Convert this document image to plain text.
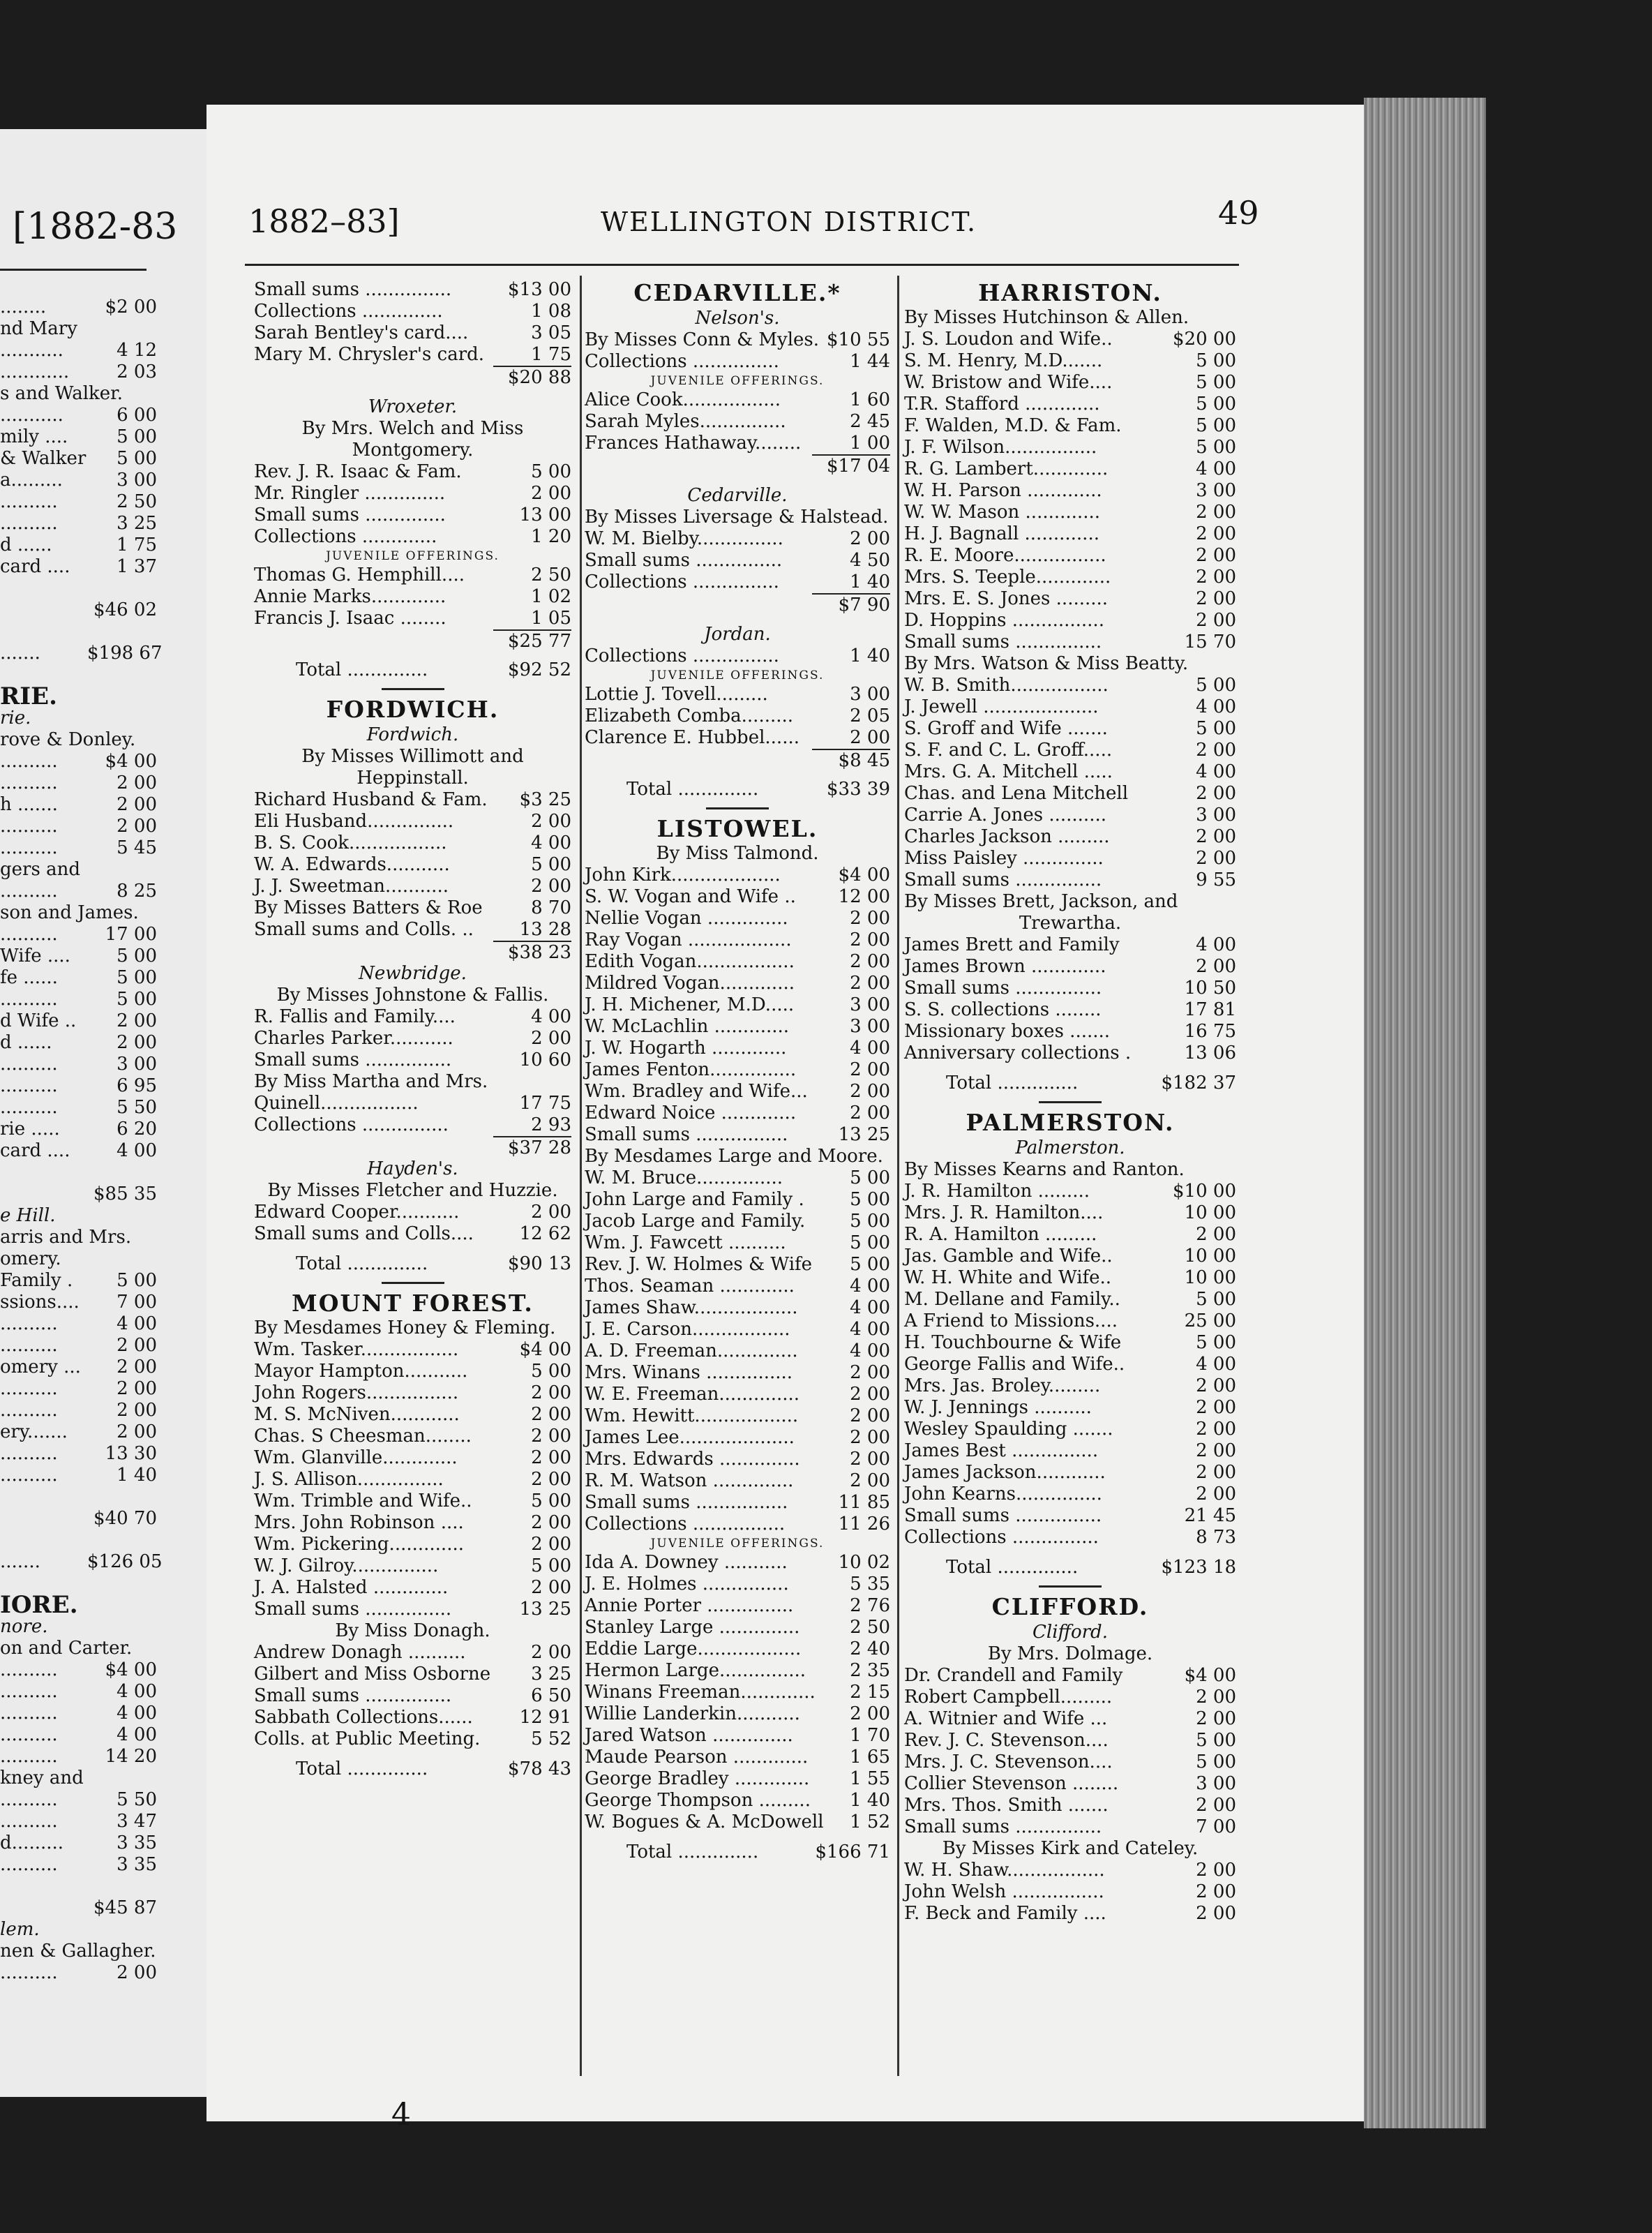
[1882-83
........	$2 00
nd Mary
...........	4 12
............	2 03
s and Walker.
...........	6 00
mily ....	5 00
& Walker	5 00
a.........	3 00
..........	2 50
..........	3 25
d ......	1 75
card ....	1 37
$46 02
.......	$198 67
RIE.
rie.
rove & Donley.
..........	$4 00
..........	2 00
h .......	2 00
..........	2 00
..........	5 45
gers and
..........	8 25
son and James.
..........	17 00
Wife ....	5 00
fe ......	5 00
..........	5 00
d Wife ..	2 00
d ......	2 00
..........	3 00
..........	6 95
..........	5 50
rie .....	6 20
card ....	4 00
$85 35
e Hill.
arris and Mrs.
omery.
Family .	5 00
ssions....	7 00
..........	4 00
..........	2 00
omery ...	2 00
..........	2 00
..........	2 00
ery.......	2 00
..........	13 30
..........	1 40
$40 70
.......	$126 05
IORE.
nore.
on and Carter.
..........	$4 00
..........	4 00
..........	4 00
..........	4 00
..........	14 20
kney and
..........	5 50
..........	3 47
d.........	3 35
..........	3 35
$45 87
lem.
nen & Gallagher.
..........	2 00
1882–83]	WELLINGTON DISTRICT.	49
Small sums ...............	$13 00
Collections ..............	1 08
Sarah Bentley's card....	3 05
Mary M. Chrysler's card.	1 75
$20 88
Wroxeter.
By Mrs. Welch and Miss
Montgomery.
Rev. J. R. Isaac & Fam.	5 00
Mr. Ringler ..............	2 00
Small sums ..............	13 00
Collections .............	1 20
JUVENILE OFFERINGS.
Thomas G. Hemphill....	2 50
Annie Marks.............	1 02
Francis J. Isaac ........	1 05
$25 77
Total ..............	$92 52
FORDWICH.
Fordwich.
By Misses Willimott and
Heppinstall.
Richard Husband & Fam.	$3 25
Eli Husband...............	2 00
B. S. Cook.................	4 00
W. A. Edwards...........	5 00
J. J. Sweetman...........	2 00
By Misses Batters & Roe	8 70
Small sums and Colls. ..	13 28
$38 23
Newbridge.
By Misses Johnstone & Fallis.
R. Fallis and Family....	4 00
Charles Parker...........	2 00
Small sums ...............	10 60
By Miss Martha and Mrs.
Quinell.................	17 75
Collections ...............	2 93
$37 28
Hayden's.
By Misses Fletcher and Huzzie.
Edward Cooper...........	2 00
Small sums and Colls....	12 62
Total ..............	$90 13
MOUNT FOREST.
By Mesdames Honey & Fleming.
Wm. Tasker.................	$4 00
Mayor Hampton...........	5 00
John Rogers................	2 00
M. S. McNiven............	2 00
Chas. S Cheesman........	2 00
Wm. Glanville.............	2 00
J. S. Allison...............	2 00
Wm. Trimble and Wife..	5 00
Mrs. John Robinson ....	2 00
Wm. Pickering.............	2 00
W. J. Gilroy...............	5 00
J. A. Halsted .............	2 00
Small sums ...............	13 25
By Miss Donagh.
Andrew Donagh ..........	2 00
Gilbert and Miss Osborne	3 25
Small sums ...............	6 50
Sabbath Collections......	12 91
Colls. at Public Meeting.	5 52
Total ..............	$78 43
CEDARVILLE.*
Nelson's.
By Misses Conn & Myles. $10 55
Collections ...............	1 44
JUVENILE OFFERINGS.
Alice Cook.................	1 60
Sarah Myles...............	2 45
Frances Hathaway........	1 00
$17 04
Cedarville.
By Misses Liversage & Halstead.
W. M. Bielby...............	2 00
Small sums ...............	4 50
Collections ...............	1 40
$7 90
Jordan.
Collections ...............	1 40
JUVENILE OFFERINGS.
Lottie J. Tovell.........	3 00
Elizabeth Comba.........	2 05
Clarence E. Hubbel......	2 00
$8 45
Total ..............	$33 39
LISTOWEL.
By Miss Talmond.
John Kirk...................	$4 00
S. W. Vogan and Wife ..	12 00
Nellie Vogan ..............	2 00
Ray Vogan ..................	2 00
Edith Vogan.................	2 00
Mildred Vogan.............	2 00
J. H. Michener, M.D.....	3 00
W. McLachlin .............	3 00
J. W. Hogarth .............	4 00
James Fenton...............	2 00
Wm. Bradley and Wife...	2 00
Edward Noice .............	2 00
Small sums ................	13 25
By Mesdames Large and Moore.
W. M. Bruce...............	5 00
John Large and Family .	5 00
Jacob Large and Family.	5 00
Wm. J. Fawcett ..........	5 00
Rev. J. W. Holmes & Wife	5 00
Thos. Seaman .............	4 00
James Shaw..................	4 00
J. E. Carson.................	4 00
A. D. Freeman..............	4 00
Mrs. Winans ...............	2 00
W. E. Freeman..............	2 00
Wm. Hewitt..................	2 00
James Lee....................	2 00
Mrs. Edwards ..............	2 00
R. M. Watson ..............	2 00
Small sums ................	11 85
Collections ................	11 26
JUVENILE OFFERINGS.
Ida A. Downey ...........	10 02
J. E. Holmes ...............	5 35
Annie Porter ...............	2 76
Stanley Large ..............	2 50
Eddie Large..................	2 40
Hermon Large...............	2 35
Winans Freeman.............	2 15
Willie Landerkin...........	2 00
Jared Watson ..............	1 70
Maude Pearson .............	1 65
George Bradley .............	1 55
George Thompson .........	1 40
W. Bogues & A. McDowell	1 52
Total ..............	$166 71
HARRISTON.
By Misses Hutchinson & Allen.
J. S. Loudon and Wife..	$20 00
S. M. Henry, M.D.......	5 00
W. Bristow and Wife....	5 00
T.R. Stafford .............	5 00
F. Walden, M.D. & Fam.	5 00
J. F. Wilson................	5 00
R. G. Lambert.............	4 00
W. H. Parson .............	3 00
W. W. Mason .............	2 00
H. J. Bagnall .............	2 00
R. E. Moore................	2 00
Mrs. S. Teeple.............	2 00
Mrs. E. S. Jones .........	2 00
D. Hoppins ................	2 00
Small sums ...............	15 70
By Mrs. Watson & Miss Beatty.
W. B. Smith.................	5 00
J. Jewell ....................	4 00
S. Groff and Wife .......	5 00
S. F. and C. L. Groff.....	2 00
Mrs. G. A. Mitchell .....	4 00
Chas. and Lena Mitchell	2 00
Carrie A. Jones ..........	3 00
Charles Jackson .........	2 00
Miss Paisley ..............	2 00
Small sums ...............	9 55
By Misses Brett, Jackson, and
Trewartha.
James Brett and Family	4 00
James Brown .............	2 00
Small sums ...............	10 50
S. S. collections ........	17 81
Missionary boxes .......	16 75
Anniversary collections .	13 06
Total ..............	$182 37
PALMERSTON.
Palmerston.
By Misses Kearns and Ranton.
J. R. Hamilton .........	$10 00
Mrs. J. R. Hamilton....	10 00
R. A. Hamilton .........	2 00
Jas. Gamble and Wife..	10 00
W. H. White and Wife..	10 00
M. Dellane and Family..	5 00
A Friend to Missions....	25 00
H. Touchbourne & Wife	5 00
George Fallis and Wife..	4 00
Mrs. Jas. Broley.........	2 00
W. J. Jennings ..........	2 00
Wesley Spaulding .......	2 00
James Best ...............	2 00
James Jackson............	2 00
John Kearns...............	2 00
Small sums ...............	21 45
Collections ...............	8 73
Total ..............	$123 18
CLIFFORD.
Clifford.
By Mrs. Dolmage.
Dr. Crandell and Family	$4 00
Robert Campbell.........	2 00
A. Witnier and Wife ...	2 00
Rev. J. C. Stevenson....	5 00
Mrs. J. C. Stevenson....	5 00
Collier Stevenson ........	3 00
Mrs. Thos. Smith .......	2 00
Small sums ...............	7 00
By Misses Kirk and Cateley.
W. H. Shaw.................	2 00
John Welsh ................	2 00
F. Beck and Family ....	2 00
4
